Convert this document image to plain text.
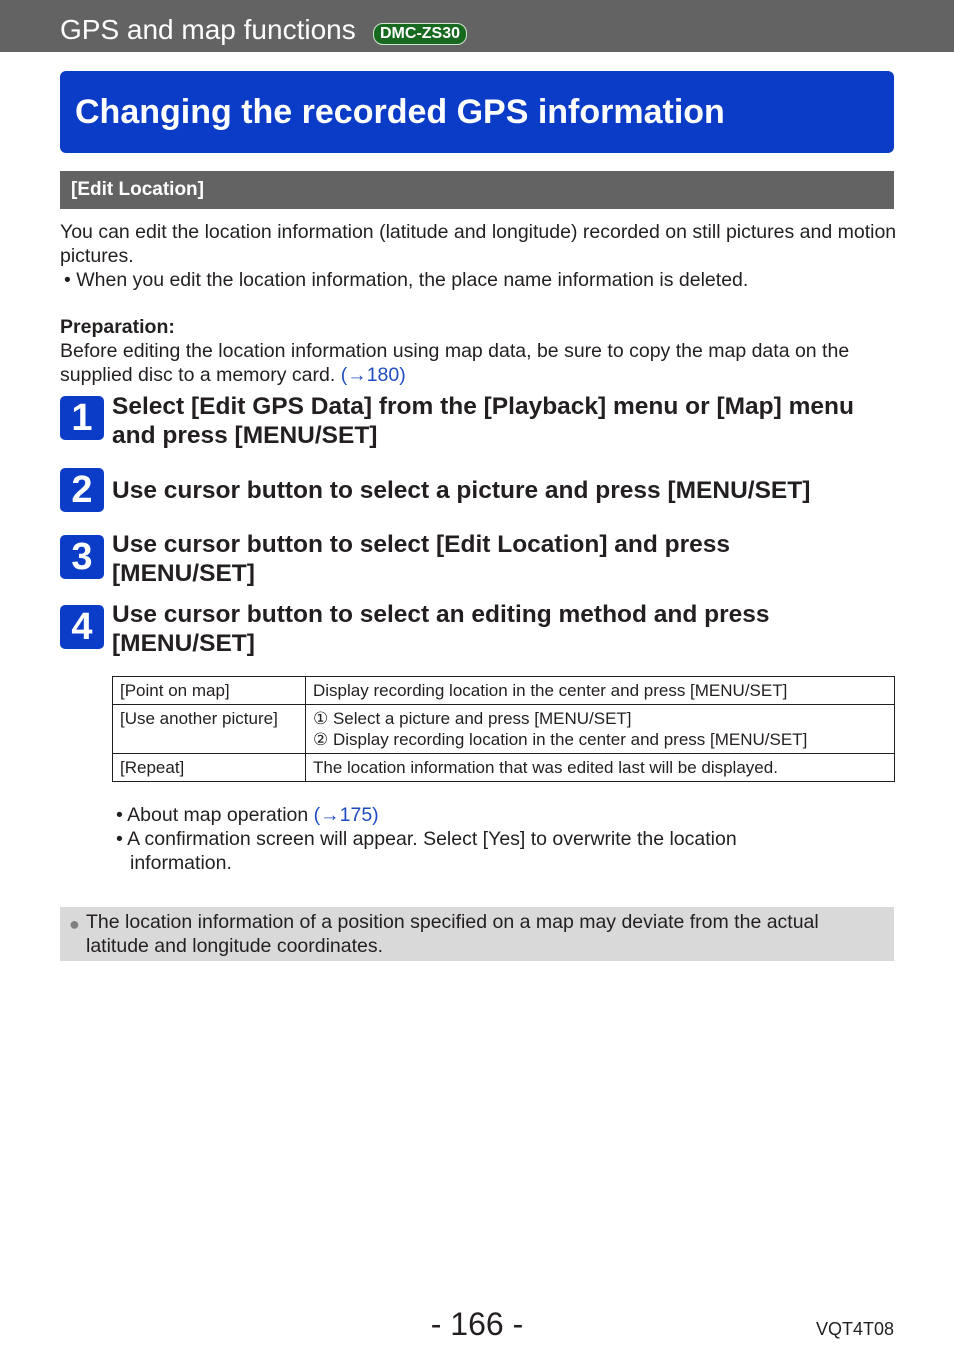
GPS and map functions	DMC-ZS30
Changing the recorded GPS information
[Edit Location]

You can edit the location information (latitude and longitude) recorded on still pictures and motion pictures.

• When you edit the location information, the place name information is deleted.

Preparation:

Before editing the location information using map data, be sure to copy the map data on the supplied disc to a memory card. (→180)

1 Select [Edit GPS Data] from the [Playback] menu or [Map] menu and press [MENU/SET]

2 Use cursor button to select a picture and press [MENU/SET]

3 Use cursor button to select [Edit Location] and press [MENU/SET]

4 Use cursor button to select an editing method and press [MENU/SET]

[Point on map]	Display recording location in the center and press [MENU/SET]
[Use another picture]	① Select a picture and press [MENU/SET]
② Display recording location in the center and press [MENU/SET]

[Repeat]	The location information that was edited last will be displayed.

• About map operation (→175)

• A confirmation screen will appear. Select [Yes] to overwrite the location

information.

● The location information of a position specified on a map may deviate from the actual latitude and longitude coordinates.
- 166 -	VQT4T08
